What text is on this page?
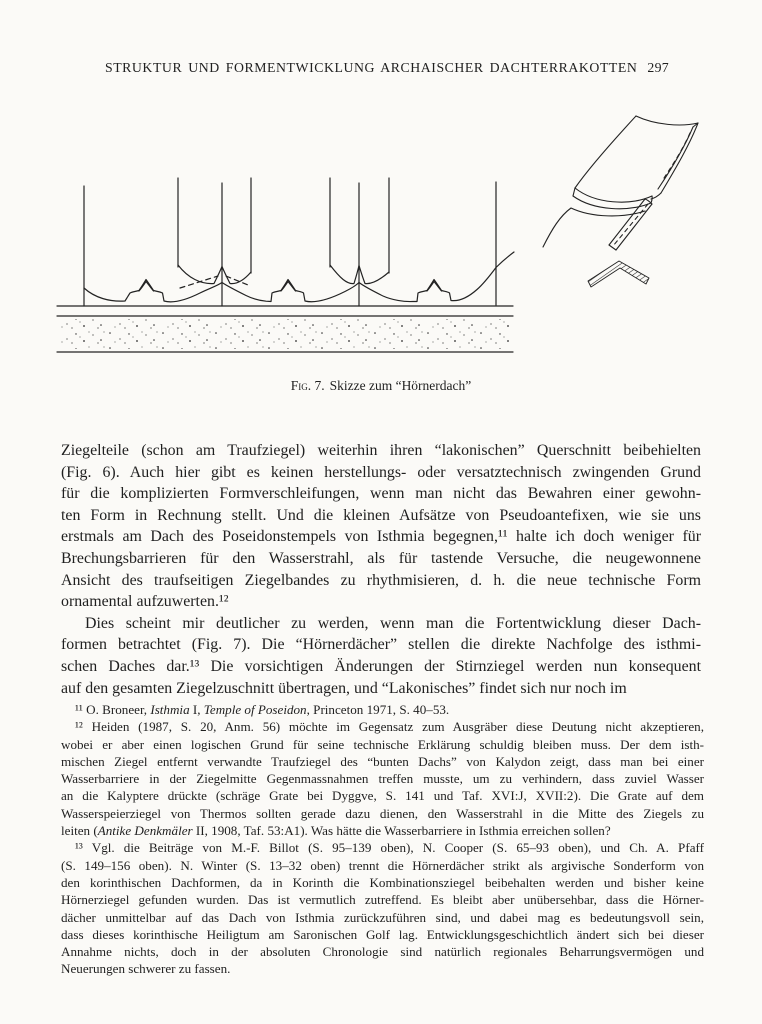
STRUKTUR UND FORMENTWICKLUNG ARCHAISCHER DACHTERRAKOTTEN 297
Fig. 7. Skizze zum “Hörnerdach”
Ziegelteile (schon am Traufziegel) weiterhin ihren “lakonischen” Querschnitt beibehielten
(Fig. 6). Auch hier gibt es keinen herstellungs- oder versatztechnisch zwingenden Grund
für die komplizierten Formverschleifungen, wenn man nicht das Bewahren einer gewohn-
ten Form in Rechnung stellt. Und die kleinen Aufsätze von Pseudoantefixen, wie sie uns
erstmals am Dach des Poseidonstempels von Isthmia begegnen,¹¹ halte ich doch weniger für
Brechungsbarrieren für den Wasserstrahl, als für tastende Versuche, die neugewonnene
Ansicht des traufseitigen Ziegelbandes zu rhythmisieren, d. h. die neue technische Form
ornamental aufzuwerten.¹²
Dies scheint mir deutlicher zu werden, wenn man die Fortentwicklung dieser Dach-
formen betrachtet (Fig. 7). Die “Hörnerdächer” stellen die direkte Nachfolge des isthmi-
schen Daches dar.¹³ Die vorsichtigen Änderungen der Stirnziegel werden nun konsequent
auf den gesamten Ziegelzuschnitt übertragen, und “Lakonisches” findet sich nur noch im
¹¹ O. Broneer, Isthmia I, Temple of Poseidon, Princeton 1971, S. 40–53.
¹² Heiden (1987, S. 20, Anm. 56) möchte im Gegensatz zum Ausgräber diese Deutung nicht akzeptieren,
wobei er aber einen logischen Grund für seine technische Erklärung schuldig bleiben muss. Der dem isth-
mischen Ziegel entfernt verwandte Traufziegel des “bunten Dachs” von Kalydon zeigt, dass man bei einer
Wasserbarriere in der Ziegelmitte Gegenmassnahmen treffen musste, um zu verhindern, dass zuviel Wasser
an die Kalyptere drückte (schräge Grate bei Dyggve, S. 141 und Taf. XVI:J, XVII:2). Die Grate auf dem
Wasserspeierziegel von Thermos sollten gerade dazu dienen, den Wasserstrahl in die Mitte des Ziegels zu
leiten (Antike Denkmäler II, 1908, Taf. 53:A1). Was hätte die Wasserbarriere in Isthmia erreichen sollen?
¹³ Vgl. die Beiträge von M.-F. Billot (S. 95–139 oben), N. Cooper (S. 65–93 oben), und Ch. A. Pfaff
(S. 149–156 oben). N. Winter (S. 13–32 oben) trennt die Hörnerdächer strikt als argivische Sonderform von
den korinthischen Dachformen, da in Korinth die Kombinationsziegel beibehalten werden und bisher keine
Hörnerziegel gefunden wurden. Das ist vermutlich zutreffend. Es bleibt aber unübersehbar, dass die Hörner-
dächer unmittelbar auf das Dach von Isthmia zurückzuführen sind, und dabei mag es bedeutungsvoll sein,
dass dieses korinthische Heiligtum am Saronischen Golf lag. Entwicklungsgeschichtlich ändert sich bei dieser
Annahme nichts, doch in der absoluten Chronologie sind natürlich regionales Beharrungsvermögen und
Neuerungen schwerer zu fassen.
